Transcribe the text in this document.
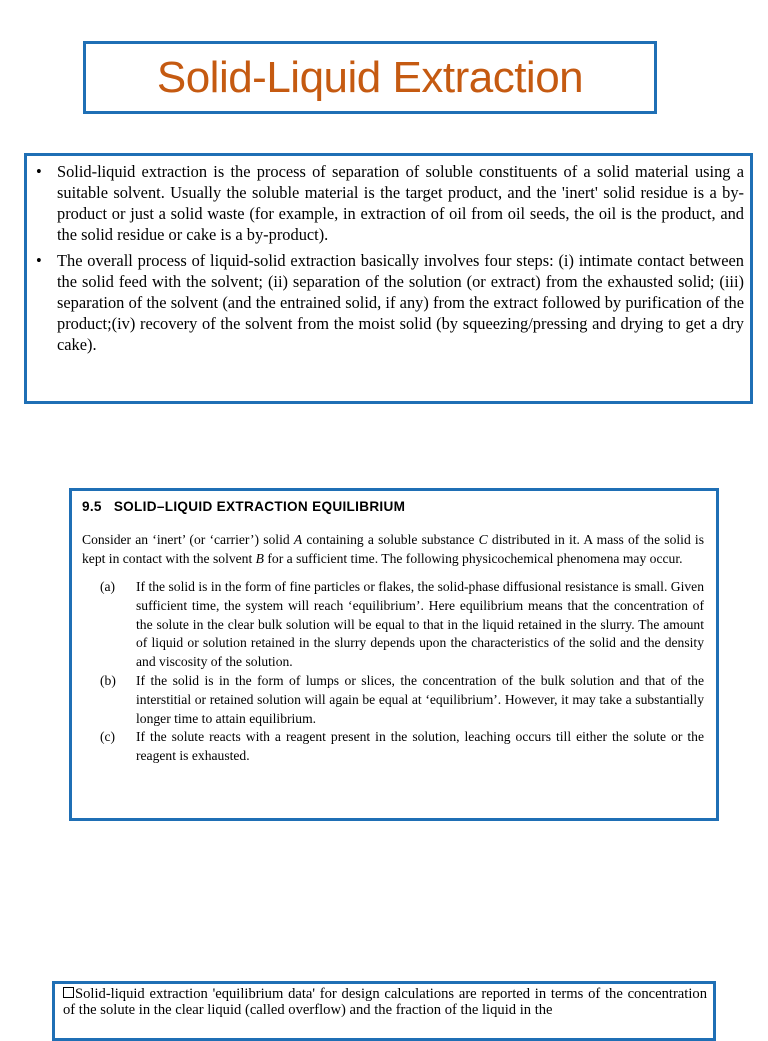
Solid-Liquid Extraction
• Solid-liquid extraction is the process of separation of soluble constituents of a solid material using a suitable solvent. Usually the soluble material is the target product, and the 'inert' solid residue is a by-product or just a solid waste (for example, in extraction of oil from oil seeds, the oil is the product, and the solid residue or cake is a by-product).
• The overall process of liquid-solid extraction basically involves four steps: (i) intimate contact between the solid feed with the solvent; (ii) separation of the solution (or extract) from the exhausted solid; (iii) separation of the solvent (and the entrained solid, if any) from the extract followed by purification of the product;(iv) recovery of the solvent from the moist solid (by squeezing/pressing and drying to get a dry cake).
9.5 SOLID–LIQUID EXTRACTION EQUILIBRIUM

Consider an ‘inert’ (or ‘carrier’) solid A containing a soluble substance C distributed in it. A mass of the solid is kept in contact with the solvent B for a sufficient time. The following physicochemical phenomena may occur.

(a) If the solid is in the form of fine particles or flakes, the solid-phase diffusional resistance is small. Given sufficient time, the system will reach ‘equilibrium’. Here equilibrium means that the concentration of the solute in the clear bulk solution will be equal to that in the liquid retained in the slurry. The amount of liquid or solution retained in the slurry depends upon the characteristics of the solid and the density and viscosity of the solution.
(b) If the solid is in the form of lumps or slices, the concentration of the bulk solution and that of the interstitial or retained solution will again be equal at ‘equilibrium’. However, it may take a substantially longer time to attain equilibrium.
(c) If the solute reacts with a reagent present in the solution, leaching occurs till either the solute or the reagent is exhausted.

Solid-liquid extraction 'equilibrium data' for design calculations are reported in terms of the concentration of the solute in the clear liquid (called overflow) and the fraction of the liquid in the
